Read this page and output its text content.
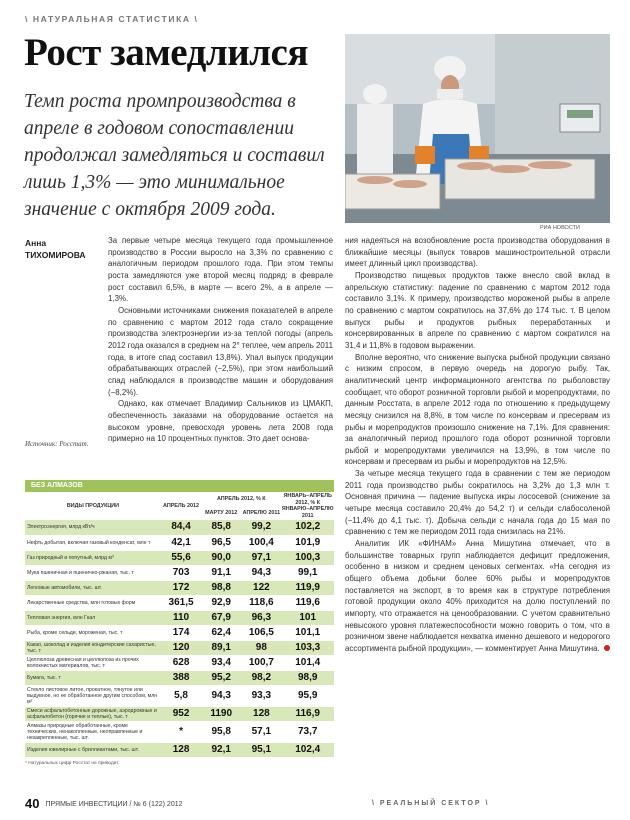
\ НАТУРАЛЬНАЯ СТАТИСТИКА \
Рост замедлился
Темп роста промпроизводства в апреле в годовом сопоставлении продолжал замедляться и составил лишь 1,3% — это минимальное значение с октября 2009 года.
РИА НОВОСТИ
Анна
ТИХОМИРОВА
Источник: Росстат.

За первые четыре месяца текущего года промышленное производство в России выросло на 3,3% по сравнению с аналогичным периодом прошлого года. При этом темпы роста замедляются уже второй месяц подряд: в феврале рост составил 6,5%, в марте — всего 2%, а в апреле — 1,3%.

Основными источниками снижения показателей в апреле по сравнению с мартом 2012 года стало сокращение производства электроэнергии из-за теплой погоды (апрель 2012 года оказался в среднем на 2° теплее, чем апрель 2011 года, в итоге спад составил 13,8%). Упал выпуск продукции обрабатывающих отраслей (−2,5%), при этом наибольший спад наблюдался в производстве машин и оборудования (−8,2%).

Однако, как отмечает Владимир Сальников из ЦМАКП, обеспеченность заказами на оборудование остается на высоком уровне, превосходя уровень лета 2008 года примерно на 10 процентных пунктов. Это дает основа-

ния надеяться на возобновление роста производства оборудования в ближайшие месяцы (выпуск товаров машиностроительной отрасли имеет длинный цикл производства).

Производство пищевых продуктов также внесло свой вклад в апрельскую статистику: падение по сравнению с мартом 2012 года составило 3,1%. К примеру, производство мороженой рыбы в апреле по сравнению с мартом сократилось на 37,6% до 174 тыс. т. В целом выпуск рыбы и продуктов рыбных переработанных и консервированных в апреле по сравнению с мартом сократился на 31,4 и 11,8% в годовом выражении.

Вполне вероятно, что снижение выпуска рыбной продукции связано с низким спросом, в первую очередь на дорогую рыбу. Так, аналитический центр информационного агентства по рыболовству сообщает, что оборот розничной торговли рыбой и морепродуктами, по данным Росстата, в апреле 2012 года по отношению к предыдущему месяцу снизился на 8,8%, в том числе по консервам и пресервам из рыбы и морепродуктов произошло снижение на 7,1%. Для сравнения: за аналогичный период прошлого года оборот розничной торговли рыбой и морепродуктами увеличился на 13,9%, в том числе по консервам и пресервам из рыбы и морепродуктов на 12,5%.

За четыре месяца текущего года в сравнении с тем же периодом 2011 года производство рыбы сократилось на 3,2% до 1,3 млн т. Основная причина — падение выпуска икры лососевой (снижение за четыре месяца составило 20,4% до 54,2 т) и сельди слабосоленой (−11,4% до 4,1 тыс. т). Добыча сельди с начала года до 15 мая по сравнению с тем же периодом 2011 года снизилась на 21%.

Аналитик ИК «ФИНАМ» Анна Мишутина отмечает, что в большинстве товарных групп наблюдается дефицит предложения, особенно в низком и среднем ценовых сегментах. «На сегодня из общего объема добычи более 60% рыбы и морепродуктов поставляется на экспорт, в то время как в структуре потребления готовой продукции около 40% приходится на долю поступлений по импорту, что отражается на ценообразовании. С учетом сравнительно невысокого уровня платежеспособности можно говорить о том, что в розничном звене наблюдается нехватка именно дешевого и недорогого ассортимента рыбной продукции», — комментирует Анна Мишутина.

БЕЗ АЛМАЗОВ
ВИДЫ ПРОДУКЦИИ	АПРЕЛЬ 2012	АПРЕЛЬ 2012, % К		ЯНВАРЬ–АПРЕЛЬ 2012, % К ЯНВАРЮ–АПРЕЛЮ 2011
		МАРТУ 2012	АПРЕЛЮ 2011	
Электроэнергия, млрд кВт/ч	84,4	85,8	99,2	102,2
Нефть добытая, включая газовый конденсат, млн т	42,1	96,5	100,4	101,9
Газ природный и попутный, млрд м³	55,6	90,0	97,1	100,3
Мука пшеничная и пшенично-ржаная, тыс. т	703	91,1	94,3	99,1
Легковые автомобили, тыс. шт.	172	98,8	122	119,9
Лекарственные средства, млн готовых форм	361,5	92,9	118,6	119,6
Тепловая энергия, млн Гкал	110	67,9	96,3	101
Рыба, кроме сельди, мороженая, тыс. т	174	62,4	106,5	101,1
Какао, шоколад и изделия кондитерские сахаристые, тыс. т	120	89,1	98	103,3
Целлюлоза древесная и целлюлоза из прочих волокнистых материалов, тыс. т	628	93,4	100,7	101,4
Бумага, тыс. т	388	95,2	98,2	98,9
Стекло листовое литое, прокатное, тянутое или выдувное, но не обработанное другим способом, млн м²	5,8	94,3	93,3	95,9
Смеси асфальтобетонные дорожные, аэродромные и асфальтобетон (горячие и теплые), тыс. т	952	1190	128	116,9
Алмазы природные обработанные, кроме технических, ненакопленные, неоправленные и незакрепленные, тыс. шт.	*	95,8	57,1	73,7
Изделия ювелирные с бриллиантами, тыс. шт.	128	92,1	95,1	102,4
* Натуральных цифр Росстат не приводит.
40 ПРЯМЫЕ ИНВЕСТИЦИИ / № 6 (122) 2012	\ РЕАЛЬНЫЙ СЕКТОР \
